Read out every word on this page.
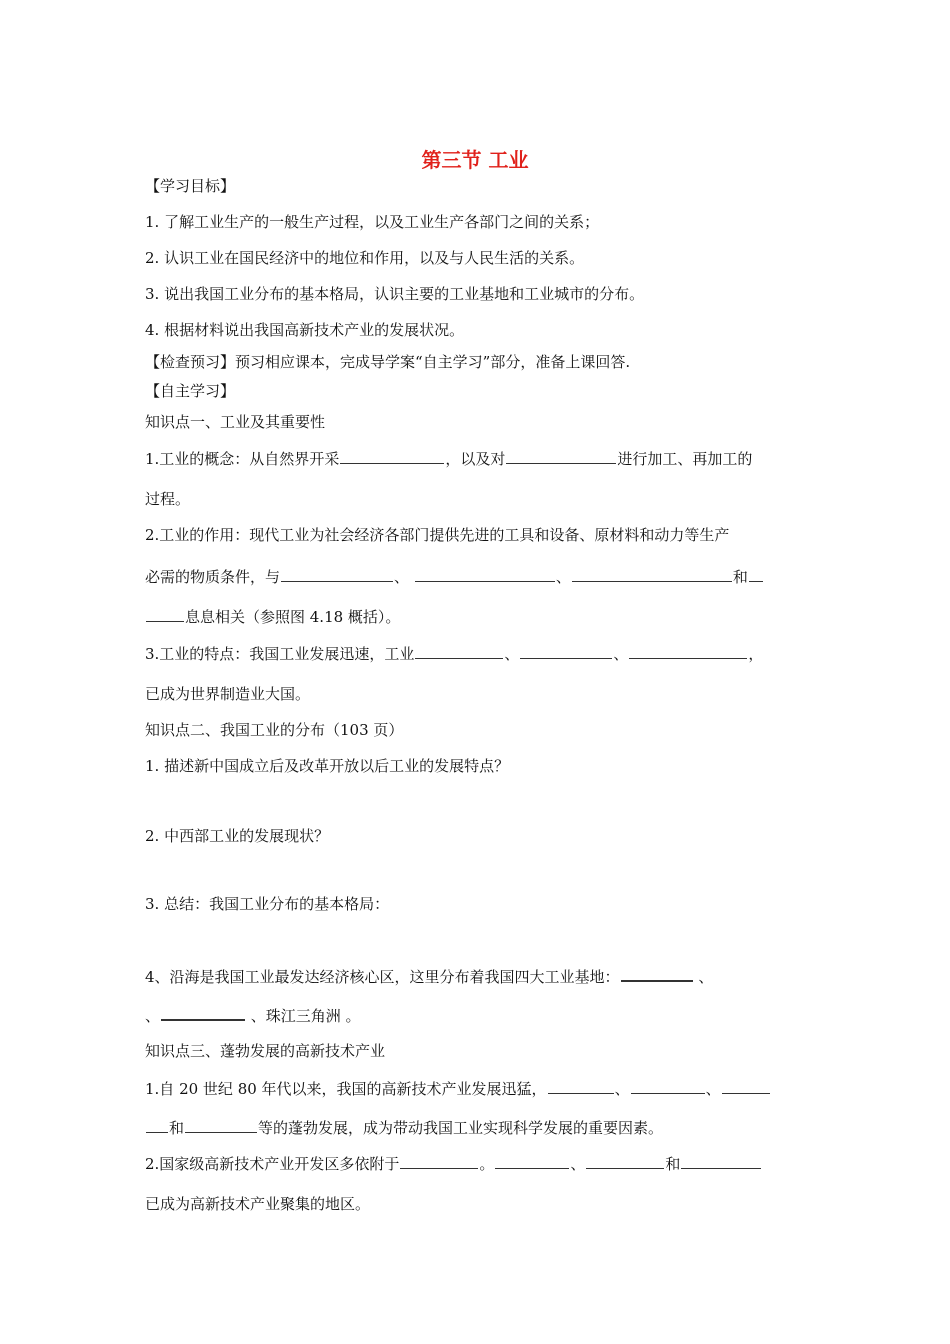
第三节 工业
【学习目标】
1. 了解工业生产的一般生产过程，以及工业生产各部门之间的关系；
2. 认识工业在国民经济中的地位和作用，以及与人民生活的关系。
3. 说出我国工业分布的基本格局，认识主要的工业基地和工业城市的分布。
4. 根据材料说出我国高新技术产业的发展状况。
【检查预习】预习相应课本，完成导学案“自主学习”部分，准备上课回答.
【自主学习】
知识点一、工业及其重要性
1.工业的概念：从自然界开采	，以及对	进行加工、再加工的
过程。
2.工业的作用：现代工业为社会经济各部门提供先进的工具和设备、原材料和动力等生产
必需的物质条件，与	、	、	和
息息相关（参照图 4.18 概括）。
3.工业的特点：我国工业发展迅速，工业	、	、	，
已成为世界制造业大国。
知识点二、我国工业的分布（103 页）
1. 描述新中国成立后及改革开放以后工业的发展特点？
2. 中西部工业的发展现状？
3. 总结：我国工业分布的基本格局：
4、沿海是我国工业最发达经济核心区，这里分布着我国四大工业基地：	、
、	、珠江三角洲 。
知识点三、蓬勃发展的高新技术产业
1.自 20 世纪 80 年代以来，我国的高新技术产业发展迅猛，	、	、
和	等的蓬勃发展，成为带动我国工业实现科学发展的重要因素。
2.国家级高新技术产业开发区多依附于	。	、	和
已成为高新技术产业聚集的地区。
